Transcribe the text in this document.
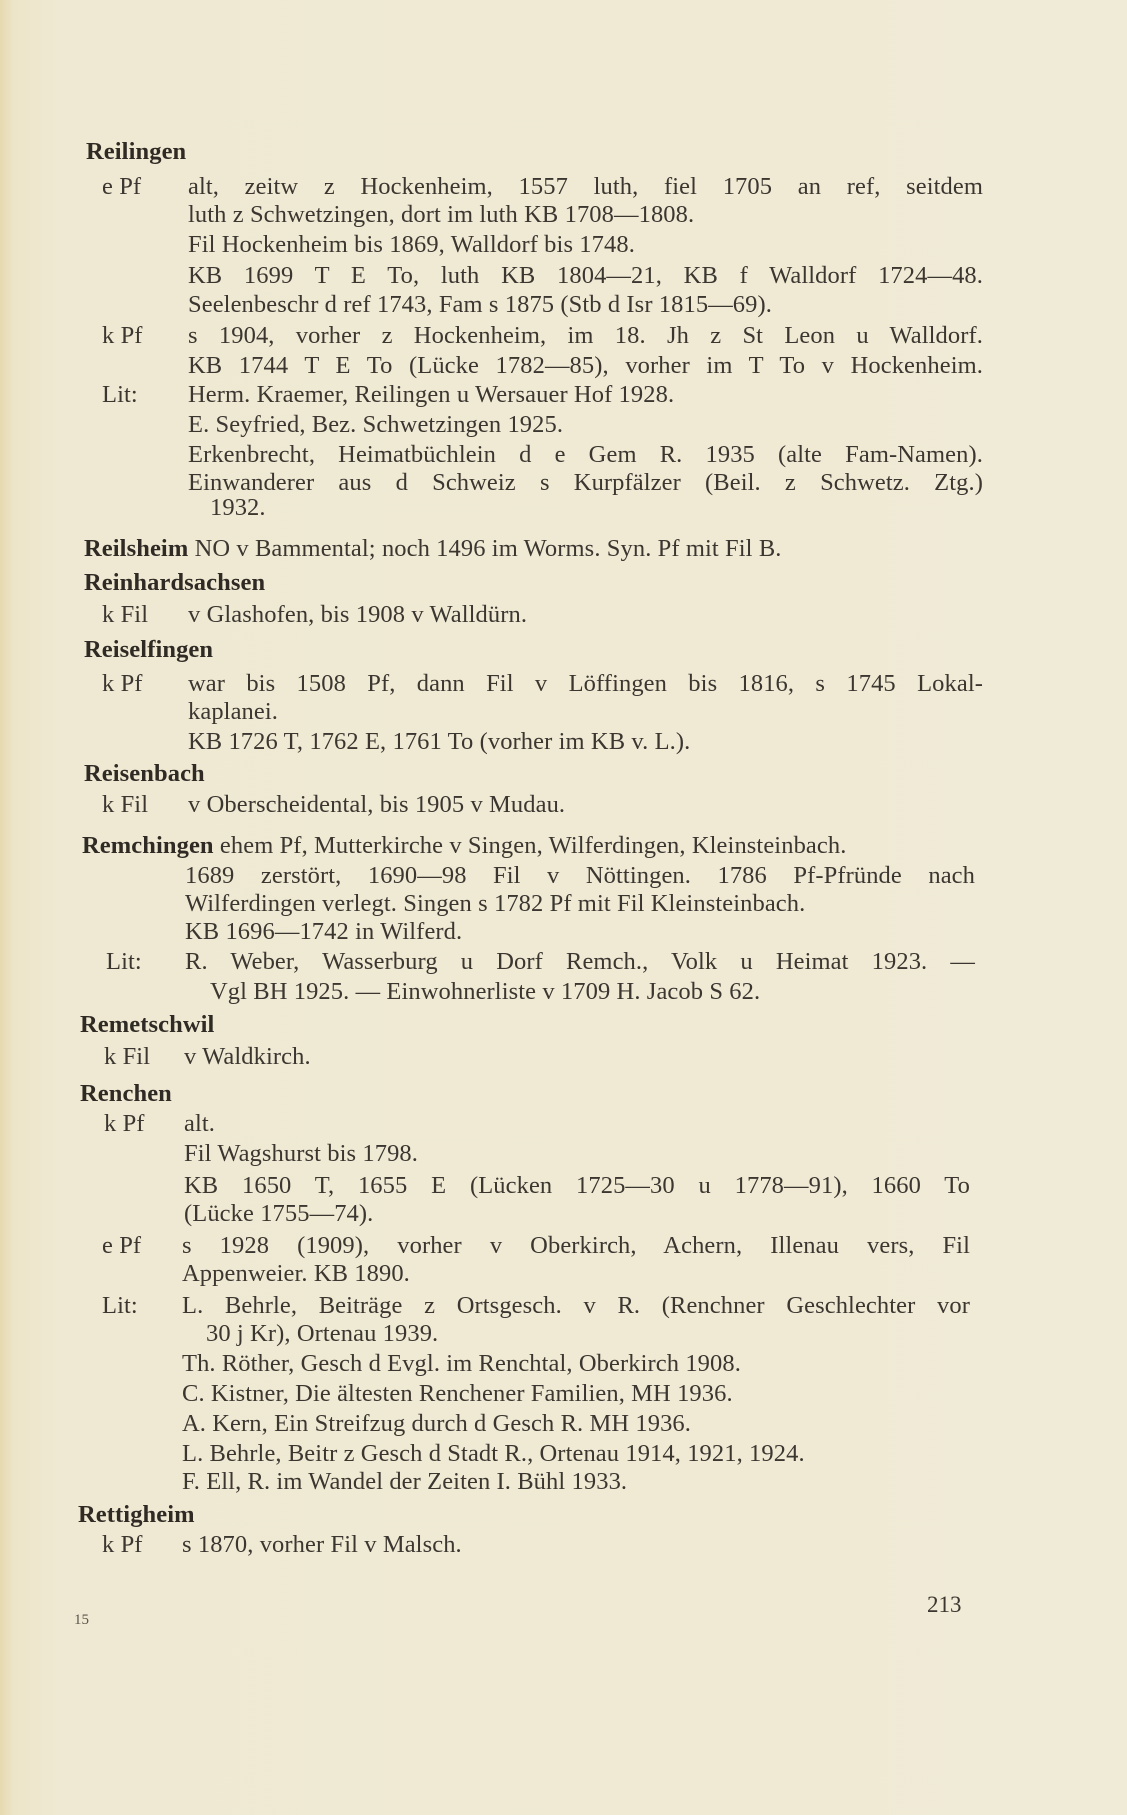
Reilingen
e Pf alt, zeitw z Hockenheim, 1557 luth, fiel 1705 an ref, seitdem
luth z Schwetzingen, dort im luth KB 1708—1808.
Fil Hockenheim bis 1869, Walldorf bis 1748.
KB 1699 T E To, luth KB 1804—21, KB f Walldorf 1724—48.
Seelenbeschr d ref 1743, Fam s 1875 (Stb d Isr 1815—69).
k Pf s 1904, vorher z Hockenheim, im 18. Jh z St Leon u Walldorf.
KB 1744 T E To (Lücke 1782—85), vorher im T To v Hockenheim.
Lit: Herm. Kraemer, Reilingen u Wersauer Hof 1928.
E. Seyfried, Bez. Schwetzingen 1925.
Erkenbrecht, Heimatbüchlein d e Gem R. 1935 (alte Fam-Namen).
Einwanderer aus d Schweiz s Kurpfälzer (Beil. z Schwetz. Ztg.)
1932.
Reilsheim NO v Bammental; noch 1496 im Worms. Syn. Pf mit Fil B.
Reinhardsachsen
k Fil v Glashofen, bis 1908 v Walldürn.
Reiselfingen
k Pf war bis 1508 Pf, dann Fil v Löffingen bis 1816, s 1745 Lokal-
kaplanei.
KB 1726 T, 1762 E, 1761 To (vorher im KB v. L.).
Reisenbach
k Fil v Oberscheidental, bis 1905 v Mudau.
Remchingen ehem Pf, Mutterkirche v Singen, Wilferdingen, Kleinsteinbach.
1689 zerstört, 1690—98 Fil v Nöttingen. 1786 Pf-Pfründe nach
Wilferdingen verlegt. Singen s 1782 Pf mit Fil Kleinsteinbach.
KB 1696—1742 in Wilferd.
Lit: R. Weber, Wasserburg u Dorf Remch., Volk u Heimat 1923. —
Vgl BH 1925. — Einwohnerliste v 1709 H. Jacob S 62.
Remetschwil
k Fil v Waldkirch.
Renchen
k Pf alt.
Fil Wagshurst bis 1798.
KB 1650 T, 1655 E (Lücken 1725—30 u 1778—91), 1660 To
(Lücke 1755—74).
e Pf s 1928 (1909), vorher v Oberkirch, Achern, Illenau vers, Fil
Appenweier. KB 1890.
Lit: L. Behrle, Beiträge z Ortsgesch. v R. (Renchner Geschlechter vor
30 j Kr), Ortenau 1939.
Th. Röther, Gesch d Evgl. im Renchtal, Oberkirch 1908.
C. Kistner, Die ältesten Renchener Familien, MH 1936.
A. Kern, Ein Streifzug durch d Gesch R. MH 1936.
L. Behrle, Beitr z Gesch d Stadt R., Ortenau 1914, 1921, 1924.
F. Ell, R. im Wandel der Zeiten I. Bühl 1933.
Rettigheim
k Pf s 1870, vorher Fil v Malsch.
213
15
